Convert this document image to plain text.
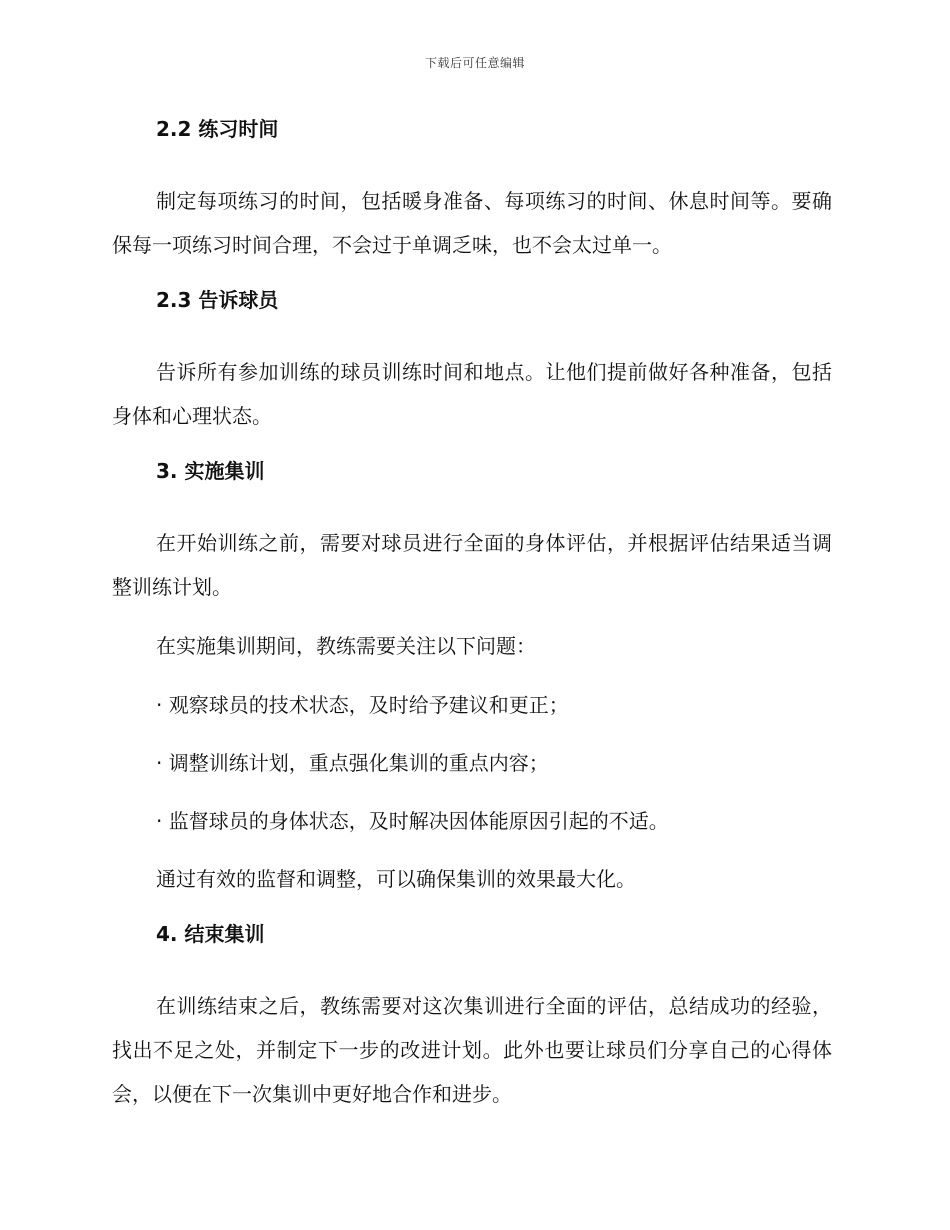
下载后可任意编辑
2.2 练习时间
制定每项练习的时间，包括暖身准备、每项练习的时间、休息时间等。要确保每一项练习时间合理，不会过于单调乏味，也不会太过单一。
2.3 告诉球员
告诉所有参加训练的球员训练时间和地点。让他们提前做好各种准备，包括身体和心理状态。
3. 实施集训
在开始训练之前，需要对球员进行全面的身体评估，并根据评估结果适当调整训练计划。
在实施集训期间，教练需要关注以下问题：
· 观察球员的技术状态，及时给予建议和更正；
· 调整训练计划，重点强化集训的重点内容；
· 监督球员的身体状态，及时解决因体能原因引起的不适。
通过有效的监督和调整，可以确保集训的效果最大化。
4. 结束集训
在训练结束之后，教练需要对这次集训进行全面的评估，总结成功的经验，找出不足之处，并制定下一步的改进计划。此外也要让球员们分享自己的心得体会，以便在下一次集训中更好地合作和进步。
